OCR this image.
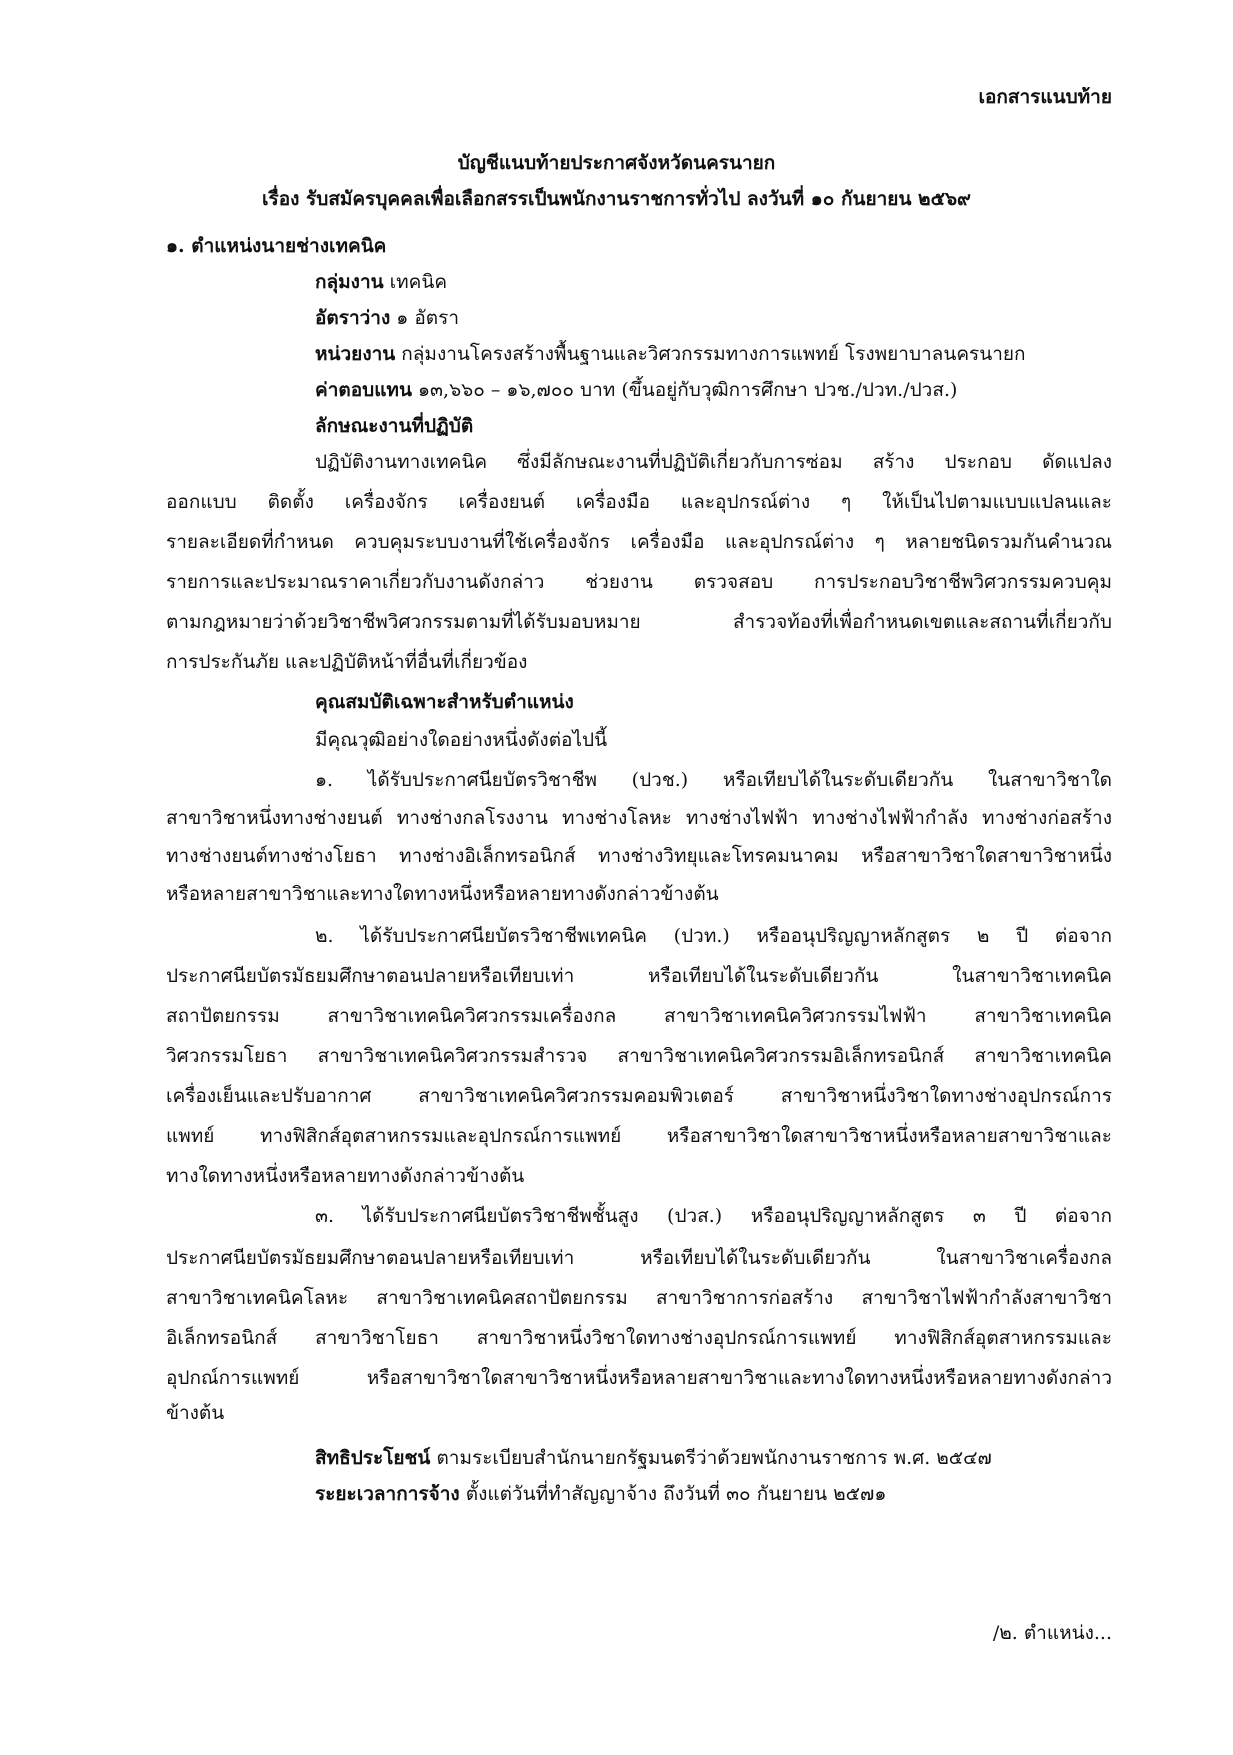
เอกสารแนบท้าย
บัญชีแนบท้ายประกาศจังหวัดนครนายก
เรื่อง รับสมัครบุคคลเพื่อเลือกสรรเป็นพนักงานราชการทั่วไป ลงวันที่ ๑๐ กันยายน ๒๕๖๙
๑. ตำแหน่งนายช่างเทคนิค
กลุ่มงาน เทคนิค
อัตราว่าง ๑ อัตรา
หน่วยงาน กลุ่มงานโครงสร้างพื้นฐานและวิศวกรรมทางการแพทย์ โรงพยาบาลนครนายก
ค่าตอบแทน ๑๓,๖๖๐ – ๑๖,๗๐๐ บาท (ขึ้นอยู่กับวุฒิการศึกษา ปวช./ปวท./ปวส.)
ลักษณะงานที่ปฏิบัติ
ปฏิบัติงานทางเทคนิค ซึ่งมีลักษณะงานที่ปฏิบัติเกี่ยวกับการซ่อม สร้าง ประกอบ ดัดแปลง
ออกแบบ ติดตั้ง เครื่องจักร เครื่องยนต์ เครื่องมือ และอุปกรณ์ต่าง ๆ ให้เป็นไปตามแบบแปลนและ
รายละเอียดที่กำหนด ควบคุมระบบงานที่ใช้เครื่องจักร เครื่องมือ และอุปกรณ์ต่าง ๆ หลายชนิดรวมกันคำนวณ
รายการและประมาณราคาเกี่ยวกับงานดังกล่าว ช่วยงาน ตรวจสอบ การประกอบวิชาชีพวิศวกรรมควบคุม
ตามกฎหมายว่าด้วยวิชาชีพวิศวกรรมตามที่ได้รับมอบหมาย สำรวจท้องที่เพื่อกำหนดเขตและสถานที่เกี่ยวกับ
การประกันภัย และปฏิบัติหน้าที่อื่นที่เกี่ยวข้อง
คุณสมบัติเฉพาะสำหรับตำแหน่ง
มีคุณวุฒิอย่างใดอย่างหนึ่งดังต่อไปนี้
๑. ได้รับประกาศนียบัตรวิชาชีพ (ปวช.) หรือเทียบได้ในระดับเดียวกัน ในสาขาวิชาใด
สาขาวิชาหนึ่งทางช่างยนต์ ทางช่างกลโรงงาน ทางช่างโลหะ ทางช่างไฟฟ้า ทางช่างไฟฟ้ากำลัง ทางช่างก่อสร้าง
ทางช่างยนต์ทางช่างโยธา ทางช่างอิเล็กทรอนิกส์ ทางช่างวิทยุและโทรคมนาคม หรือสาขาวิชาใดสาขาวิชาหนึ่ง
หรือหลายสาขาวิชาและทางใดทางหนึ่งหรือหลายทางดังกล่าวข้างต้น
๒. ได้รับประกาศนียบัตรวิชาชีพเทคนิค (ปวท.) หรืออนุปริญญาหลักสูตร ๒ ปี ต่อจาก
ประกาศนียบัตรมัธยมศึกษาตอนปลายหรือเทียบเท่า หรือเทียบได้ในระดับเดียวกัน ในสาขาวิชาเทคนิค
สถาปัตยกรรม สาขาวิชาเทคนิควิศวกรรมเครื่องกล สาขาวิชาเทคนิควิศวกรรมไฟฟ้า สาขาวิชาเทคนิค
วิศวกรรมโยธา สาขาวิชาเทคนิควิศวกรรมสำรวจ สาขาวิชาเทคนิควิศวกรรมอิเล็กทรอนิกส์ สาขาวิชาเทคนิค
เครื่องเย็นและปรับอากาศ สาขาวิชาเทคนิควิศวกรรมคอมพิวเตอร์ สาขาวิชาหนึ่งวิชาใดทางช่างอุปกรณ์การ
แพทย์ ทางฟิสิกส์อุตสาหกรรมและอุปกรณ์การแพทย์ หรือสาขาวิชาใดสาขาวิชาหนึ่งหรือหลายสาขาวิชาและ
ทางใดทางหนึ่งหรือหลายทางดังกล่าวข้างต้น
๓. ได้รับประกาศนียบัตรวิชาชีพชั้นสูง (ปวส.) หรืออนุปริญญาหลักสูตร ๓ ปี ต่อจาก
ประกาศนียบัตรมัธยมศึกษาตอนปลายหรือเทียบเท่า หรือเทียบได้ในระดับเดียวกัน ในสาขาวิชาเครื่องกล
สาขาวิชาเทคนิคโลหะ สาขาวิชาเทคนิคสถาปัตยกรรม สาขาวิชาการก่อสร้าง สาขาวิชาไฟฟ้ากำลังสาขาวิชา
อิเล็กทรอนิกส์ สาขาวิชาโยธา สาขาวิชาหนึ่งวิชาใดทางช่างอุปกรณ์การแพทย์ ทางฟิสิกส์อุตสาหกรรมและ
อุปกณ์การแพทย์ หรือสาขาวิชาใดสาขาวิชาหนึ่งหรือหลายสาขาวิชาและทางใดทางหนึ่งหรือหลายทางดังกล่าว
ข้างต้น
สิทธิประโยชน์ ตามระเบียบสำนักนายกรัฐมนตรีว่าด้วยพนักงานราชการ พ.ศ. ๒๕๔๗
ระยะเวลาการจ้าง ตั้งแต่วันที่ทำสัญญาจ้าง ถึงวันที่ ๓๐ กันยายน ๒๕๗๑
/๒. ตำแหน่ง...
